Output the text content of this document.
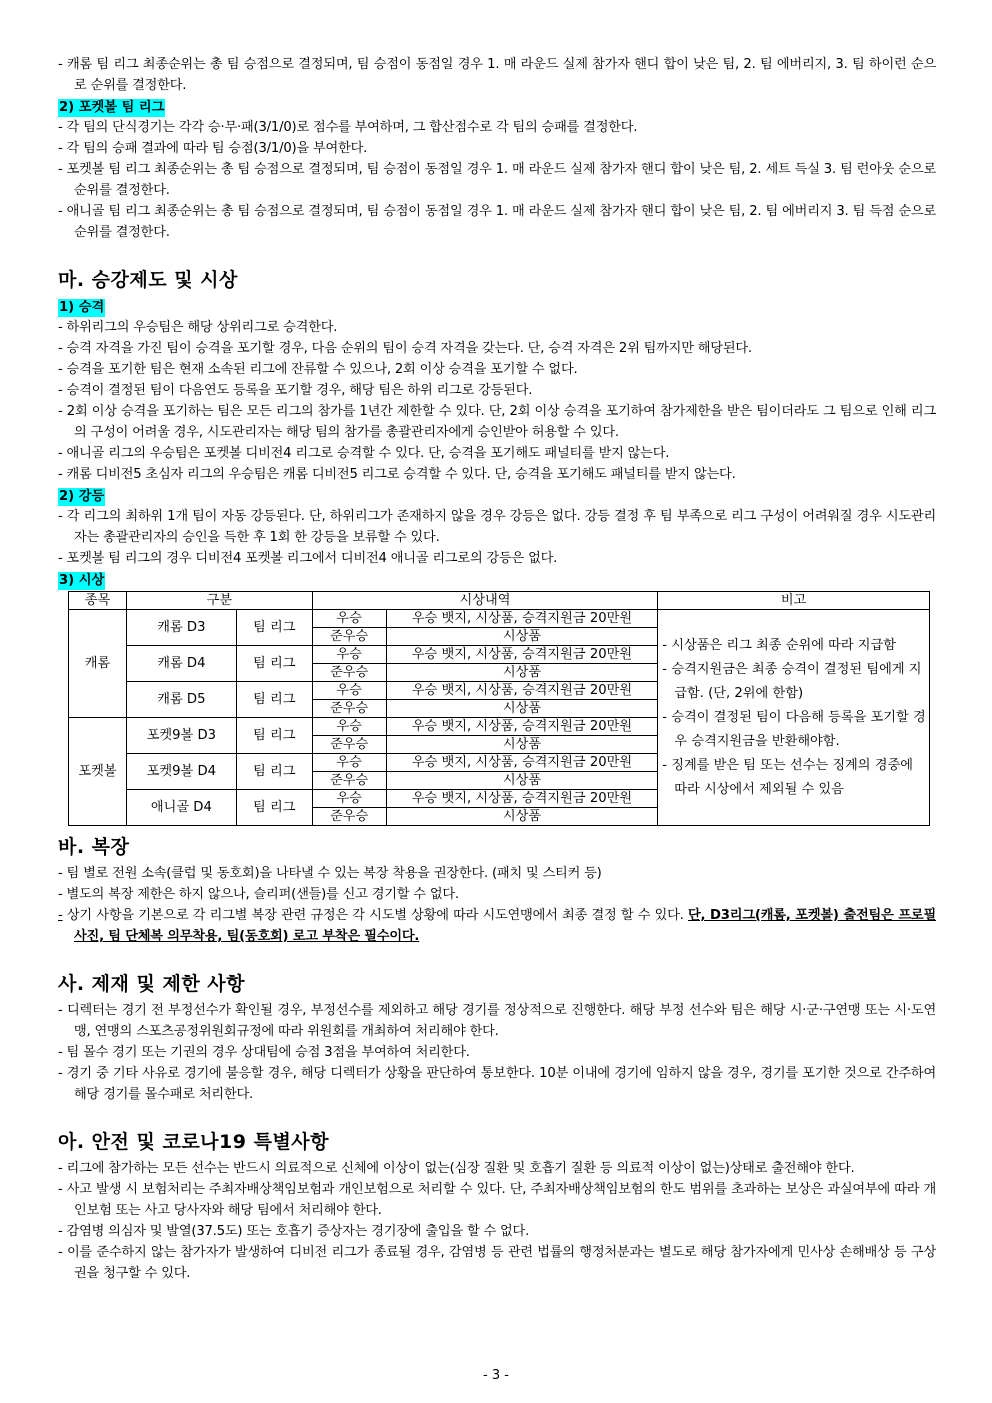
- 캐롬 팀 리그 최종순위는 총 팀 승점으로 결정되며, 팀 승점이 동점일 경우 1. 매 라운드 실제 참가자 핸디 합이 낮은 팀, 2. 팀 에버리지, 3. 팀 하이런 순으로 순위를 결정한다.
2) 포켓볼 팀 리그
- 각 팀의 단식경기는 각각 승·무·패(3/1/0)로 점수를 부여하며, 그 합산점수로 각 팀의 승패를 결정한다.
- 각 팀의 승패 결과에 따라 팀 승점(3/1/0)을 부여한다.
- 포켓볼 팀 리그 최종순위는 총 팀 승점으로 결정되며, 팀 승점이 동점일 경우 1. 매 라운드 실제 참가자 핸디 합이 낮은 팀, 2. 세트 득실 3. 팀 런아웃 순으로 순위를 결정한다.
- 애니골 팀 리그 최종순위는 총 팀 승점으로 결정되며, 팀 승점이 동점일 경우 1. 매 라운드 실제 참가자 핸디 합이 낮은 팀, 2. 팀 에버리지 3. 팀 득점 순으로 순위를 결정한다.
마. 승강제도 및 시상
1) 승격
- 하위리그의 우승팀은 해당 상위리그로 승격한다.
- 승격 자격을 가진 팀이 승격을 포기할 경우, 다음 순위의 팀이 승격 자격을 갖는다. 단, 승격 자격은 2위 팀까지만 해당된다.
- 승격을 포기한 팀은 현재 소속된 리그에 잔류할 수 있으나, 2회 이상 승격을 포기할 수 없다.
- 승격이 결정된 팀이 다음연도 등록을 포기할 경우, 해당 팀은 하위 리그로 강등된다.
- 2회 이상 승격을 포기하는 팀은 모든 리그의 참가를 1년간 제한할 수 있다. 단, 2회 이상 승격을 포기하여 참가제한을 받은 팀이더라도 그 팀으로 인해 리그의 구성이 어려울 경우, 시도관리자는 해당 팀의 참가를 총괄관리자에게 승인받아 허용할 수 있다.
- 애니골 리그의 우승팀은 포켓볼 디비전4 리그로 승격할 수 있다. 단, 승격을 포기해도 패널티를 받지 않는다.
- 캐롬 디비전5 초심자 리그의 우승팀은 캐롬 디비전5 리그로 승격할 수 있다. 단, 승격을 포기해도 패널티를 받지 않는다.
2) 강등
- 각 리그의 최하위 1개 팀이 자동 강등된다. 단, 하위리그가 존재하지 않을 경우 강등은 없다. 강등 결정 후 팀 부족으로 리그 구성이 어려워질 경우 시도관리자는 총괄관리자의 승인을 득한 후 1회 한 강등을 보류할 수 있다.
- 포켓볼 팀 리그의 경우 디비전4 포켓볼 리그에서 디비전4 애니골 리그로의 강등은 없다.
3) 시상
종목	구분		시상내역		비고
캐롬	캐롬 D3	팀 리그	우승	우승 뱃지, 시상품, 승격지원금 20만원	- 시상품은 리그 최종 순위에 따라 지급함
- 승격지원금은 최종 승격이 결정된 팀에게 지급함. (단, 2위에 한함)
- 승격이 결정된 팀이 다음해 등록을 포기할 경우 승격지원금을 반환해야함.
- 징계를 받은 팀 또는 선수는 징계의 경중에 따라 시상에서 제외될 수 있음

			준우승	시상품	
	캐롬 D4	팀 리그	우승	우승 뱃지, 시상품, 승격지원금 20만원	
			준우승	시상품	
	캐롬 D5	팀 리그	우승	우승 뱃지, 시상품, 승격지원금 20만원	
			준우승	시상품	
포켓볼	포켓9볼 D3	팀 리그	우승	우승 뱃지, 시상품, 승격지원금 20만원	
			준우승	시상품	
	포켓9볼 D4	팀 리그	우승	우승 뱃지, 시상품, 승격지원금 20만원	
			준우승	시상품	
	애니골 D4	팀 리그	우승	우승 뱃지, 시상품, 승격지원금 20만원	
			준우승	시상품	
바. 복장
- 팀 별로 전원 소속(클럽 및 동호회)을 나타낼 수 있는 복장 착용을 권장한다. (패치 및 스티커 등)
- 별도의 복장 제한은 하지 않으나, 슬리퍼(샌들)를 신고 경기할 수 없다.
- 상기 사항을 기본으로 각 리그별 복장 관련 규정은 각 시도별 상황에 따라 시도연맹에서 최종 결정 할 수 있다. 단, D3리그(캐롬, 포켓볼) 출전팀은 프로필 사진, 팀 단체복 의무착용, 팀(동호회) 로고 부착은 필수이다.
사. 제재 및 제한 사항
- 디렉터는 경기 전 부정선수가 확인될 경우, 부정선수를 제외하고 해당 경기를 정상적으로 진행한다. 해당 부정 선수와 팀은 해당 시·군·구연맹 또는 시·도연맹, 연맹의 스포츠공정위원회규정에 따라 위원회를 개최하여 처리해야 한다.
- 팀 몰수 경기 또는 기권의 경우 상대팀에 승점 3점을 부여하여 처리한다.
- 경기 중 기타 사유로 경기에 불응할 경우, 해당 디렉터가 상황을 판단하여 통보한다. 10분 이내에 경기에 임하지 않을 경우, 경기를 포기한 것으로 간주하여 해당 경기를 몰수패로 처리한다.
아. 안전 및 코로나19 특별사항
- 리그에 참가하는 모든 선수는 반드시 의료적으로 신체에 이상이 없는(심장 질환 및 호흡기 질환 등 의료적 이상이 없는)상태로 출전해야 한다.
- 사고 발생 시 보험처리는 주최자배상책임보험과 개인보험으로 처리할 수 있다. 단, 주최자배상책임보험의 한도 범위를 초과하는 보상은 과실여부에 따라 개인보험 또는 사고 당사자와 해당 팀에서 처리해야 한다.
- 감염병 의심자 및 발열(37.5도) 또는 호흡기 증상자는 경기장에 출입을 할 수 없다.
- 이를 준수하지 않는 참가자가 발생하여 디비전 리그가 종료될 경우, 감염병 등 관련 법률의 행정처분과는 별도로 해당 참가자에게 민사상 손해배상 등 구상권을 청구할 수 있다.
- 3 -
